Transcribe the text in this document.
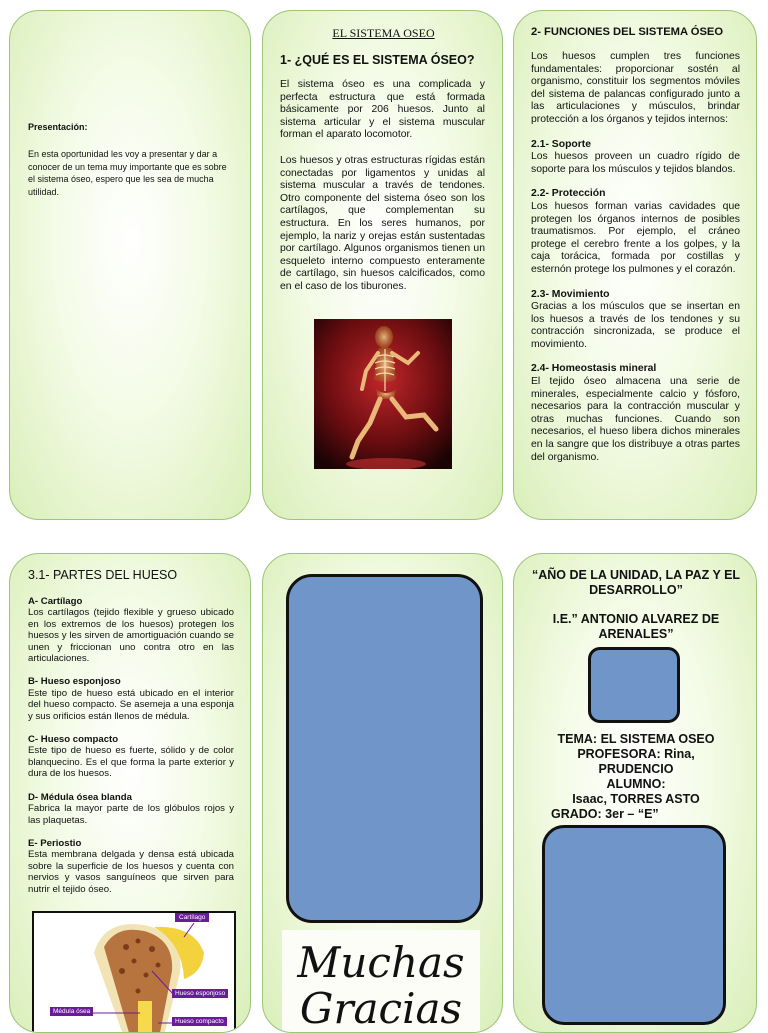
Presentación:
En esta oportunidad les voy a presentar y dar a conocer de un tema muy importante que es sobre el sistema óseo, espero que les sea de mucha utilidad.
EL SISTEMA OSEO
1- ¿QUÉ ES EL SISTEMA ÓSEO?
El sistema óseo es una complicada y perfecta estructura que está formada básicamente por 206 huesos. Junto al sistema articular y el sistema muscular forman el aparato locomotor.
Los huesos y otras estructuras rígidas están conectadas por ligamentos y unidas al sistema muscular a través de tendones. Otro componente del sistema óseo son los cartílagos, que complementan su estructura. En los seres humanos, por ejemplo, la nariz y orejas están sustentadas por cartílago. Algunos organismos tienen un esqueleto interno compuesto enteramente de cartílago, sin huesos calcificados, como en el caso de los tiburones.
2- FUNCIONES DEL SISTEMA ÓSEO
Los huesos cumplen tres funciones fundamentales: proporcionar sostén al organismo, constituir los segmentos móviles del sistema de palancas configurado junto a las articulaciones y músculos, brindar protección a los órganos y tejidos internos:
2.1- Soporte
Los huesos proveen un cuadro rígido de soporte para los músculos y tejidos blandos.
2.2- Protección
Los huesos forman varias cavidades que protegen los órganos internos de posibles traumatismos. Por ejemplo, el cráneo protege el cerebro frente a los golpes, y la caja torácica, formada por costillas y esternón protege los pulmones y el corazón.
2.3- Movimiento
Gracias a los músculos que se insertan en los huesos a través de los tendones y su contracción sincronizada, se produce el movimiento.
2.4- Homeostasis mineral
El tejido óseo almacena una serie de minerales, especialmente calcio y fósforo, necesarios para la contracción muscular y otras muchas funciones. Cuando son necesarios, el hueso libera dichos minerales en la sangre que los distribuye a otras partes del organismo.
3.1- PARTES DEL HUESO
A- Cartílago
Los cartílagos (tejido flexible y grueso ubicado en los extremos de los huesos) protegen los huesos y les sirven de amortiguación cuando se unen y friccionan uno contra otro en las articulaciones.
B- Hueso esponjoso
Este tipo de hueso está ubicado en el interior del hueso compacto. Se asemeja a una esponja y sus orificios están llenos de médula.
C- Hueso compacto
Este tipo de hueso es fuerte, sólido y de color blanquecino. Es el que forma la parte exterior y dura de los huesos.
D- Médula ósea blanda
Fabrica la mayor parte de los glóbulos rojos y las plaquetas.
E- Periostio
Esta membrana delgada y densa está ubicada sobre la superficie de los huesos y cuenta con nervios y vasos sanguíneos que sirven para nutrir el tejido óseo.
Cartílago
Hueso esponjoso
Médula ósea
Hueso compacto
Muchas
Gracias
“AÑO DE LA UNIDAD, LA PAZ Y EL DESARROLLO”
I.E.” ANTONIO ALVAREZ DE ARENALES”
TEMA: EL SISTEMA OSEO
PROFESORA: Rina,
PRUDENCIO
ALUMNO:
Isaac, TORRES ASTO
GRADO: 3er – “E”
